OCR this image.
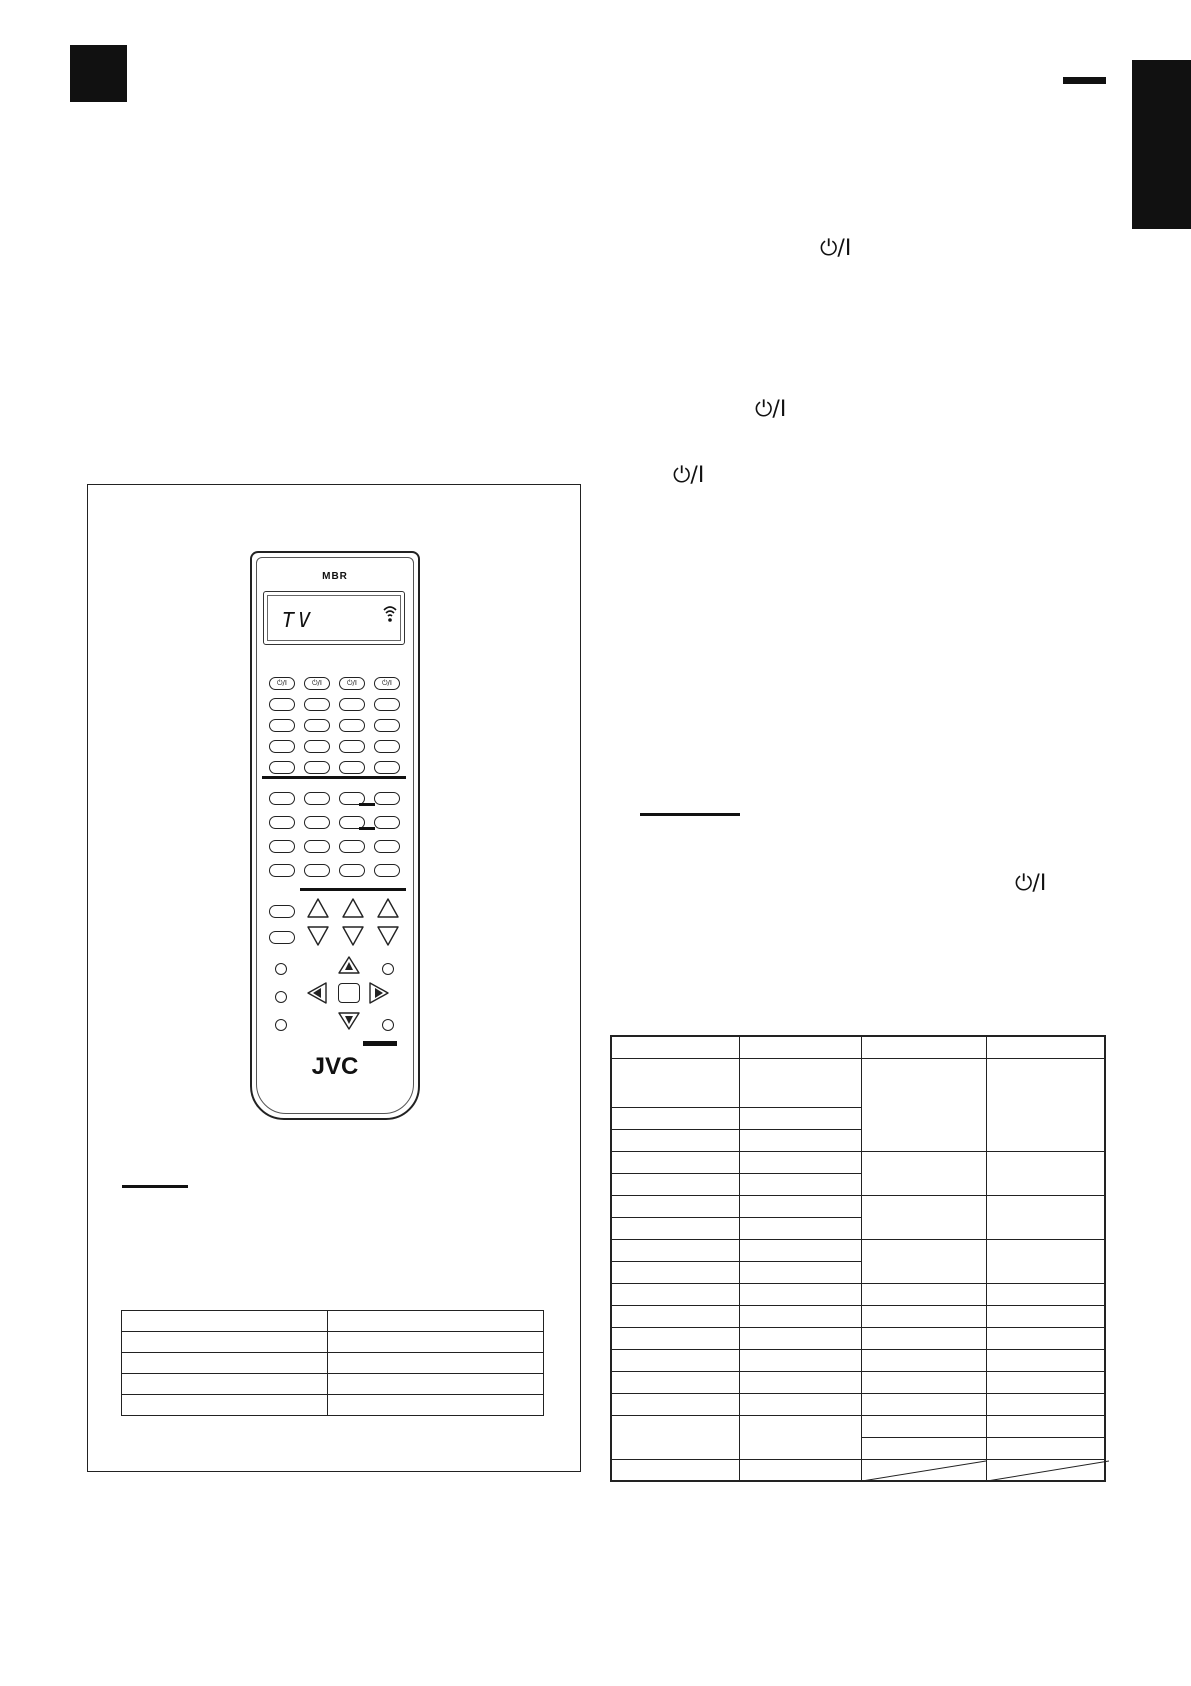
⏻/I
⏻/I
⏻/I
⏻/I
MBR
TV
⏻/I	⏻/I	⏻/I	⏻/I
JVC
